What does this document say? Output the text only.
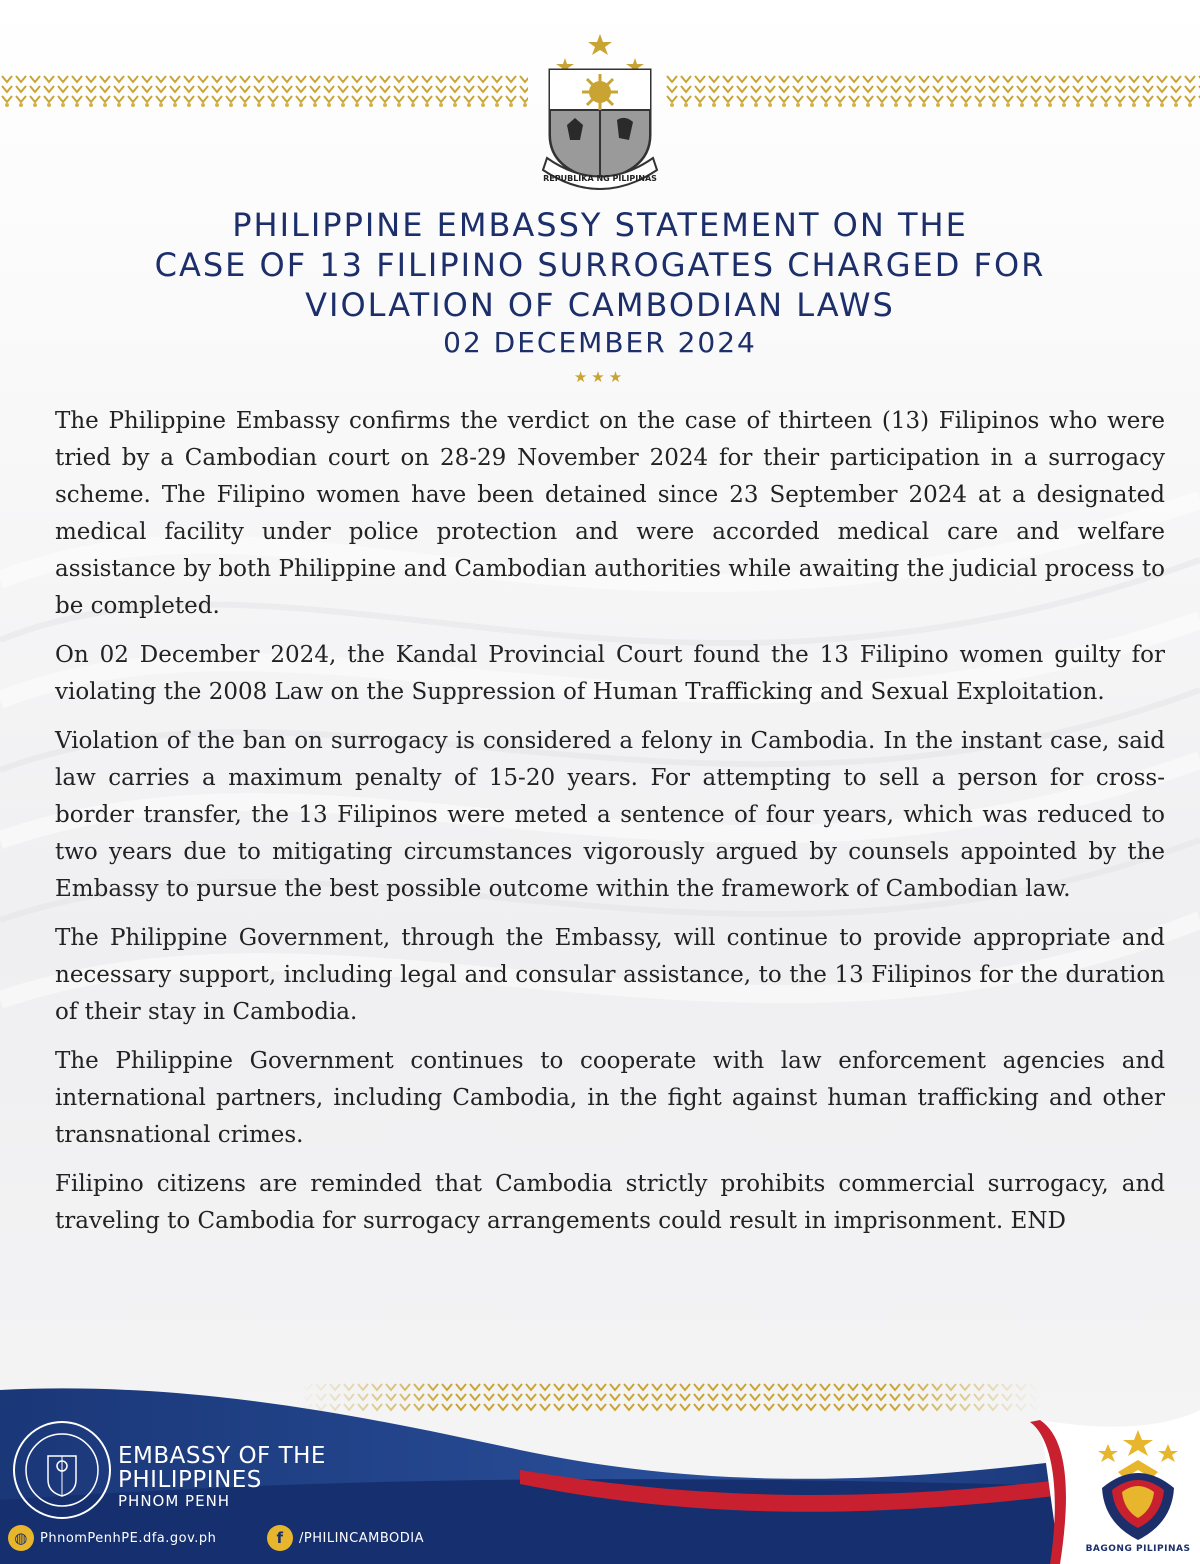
REPUBLIKA NG PILIPINAS
PHILIPPINE EMBASSY STATEMENT ON THE
CASE OF 13 FILIPINO SURROGATES CHARGED FOR
VIOLATION OF CAMBODIAN LAWS
02 DECEMBER 2024
★★★

The Philippine Embassy confirms the verdict on the case of thirteen (13) Filipinos who were tried by a Cambodian court on 28-29 November 2024 for their participation in a surrogacy scheme. The Filipino women have been detained since 23 September 2024 at a designated medical facility under police protection and were accorded medical care and welfare assistance by both Philippine and Cambodian authorities while awaiting the judicial process to be completed.

On 02 December 2024, the Kandal Provincial Court found the 13 Filipino women guilty for violating the 2008 Law on the Suppression of Human Trafficking and Sexual Exploitation.

Violation of the ban on surrogacy is considered a felony in Cambodia. In the instant case, said law carries a maximum penalty of 15-20 years. For attempting to sell a person for cross-border transfer, the 13 Filipinos were meted a sentence of four years, which was reduced to two years due to mitigating circumstances vigorously argued by counsels appointed by the Embassy to pursue the best possible outcome within the framework of Cambodian law.

The Philippine Government, through the Embassy, will continue to provide appropriate and necessary support, including legal and consular assistance, to the 13 Filipinos for the duration of their stay in Cambodia.

The Philippine Government continues to cooperate with law enforcement agencies and international partners, including Cambodia, in the fight against human trafficking and other transnational crimes.

Filipino citizens are reminded that Cambodia strictly prohibits commercial surrogacy, and traveling to Cambodia for surrogacy arrangements could result in imprisonment. END

EMBASSY OF THE
PHILIPPINES
PHNOM PENH
◍ PhnomPenhPE.dfa.gov.ph	f	/PHILINCAMBODIA
BAGONG PILIPINAS
